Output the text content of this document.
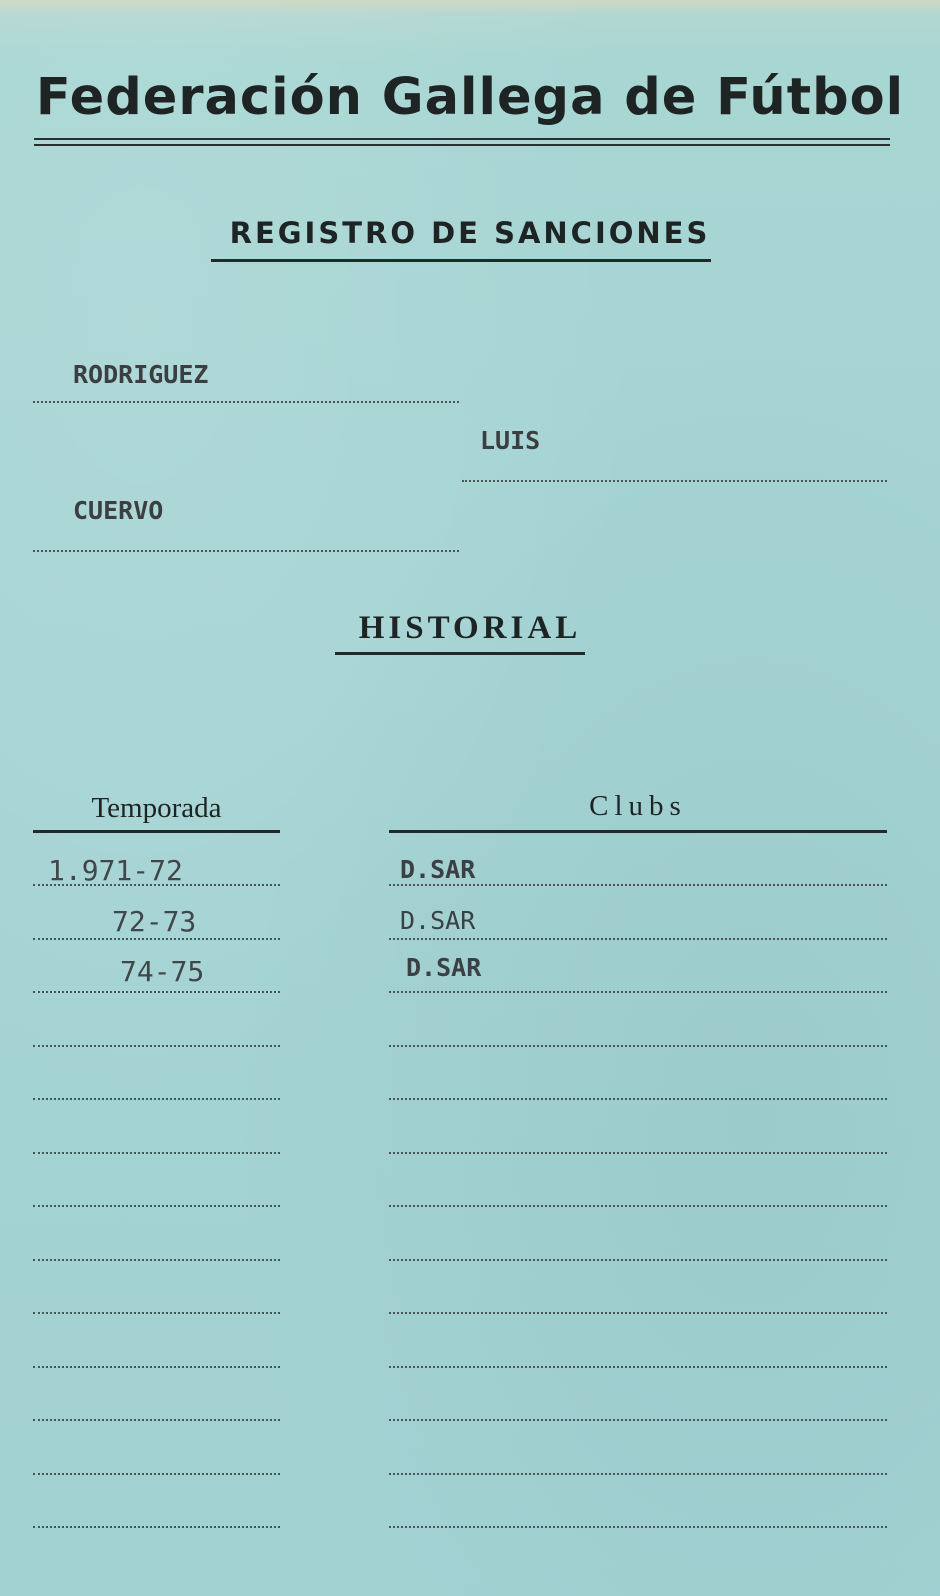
Federación Gallega de Fútbol
REGISTRO DE SANCIONES
RODRIGUEZ
LUIS
CUERVO
HISTORIAL
Temporada	Clubs
1.971-72	D.SAR
72-73	D.SAR
74-75	D.SAR
